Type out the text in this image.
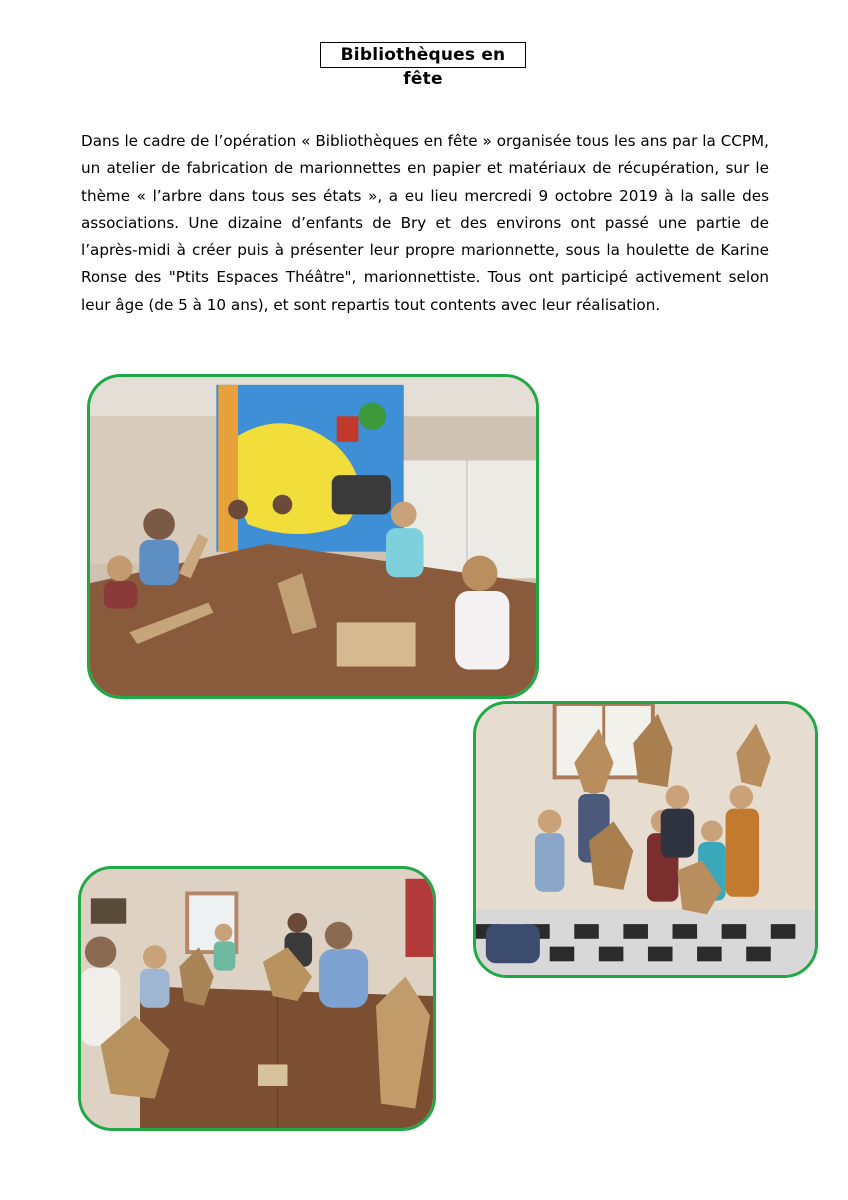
Bibliothèques en fête

Dans le cadre de l’opération « Bibliothèques en fête » organisée tous les ans par la CCPM, un atelier de fabrication de marionnettes en papier et matériaux de récupération, sur le thème « l’arbre dans tous ses états », a eu lieu mercredi 9 octobre 2019 à la salle des associations. Une dizaine d’enfants de Bry et des environs ont passé une partie de l’après-midi à créer puis à présenter leur propre marionnette, sous la houlette de Karine Ronse des "Ptits Espaces Théâtre", marionnettiste. Tous ont participé activement selon leur âge (de 5 à 10 ans), et sont repartis tout contents avec leur réalisation.
